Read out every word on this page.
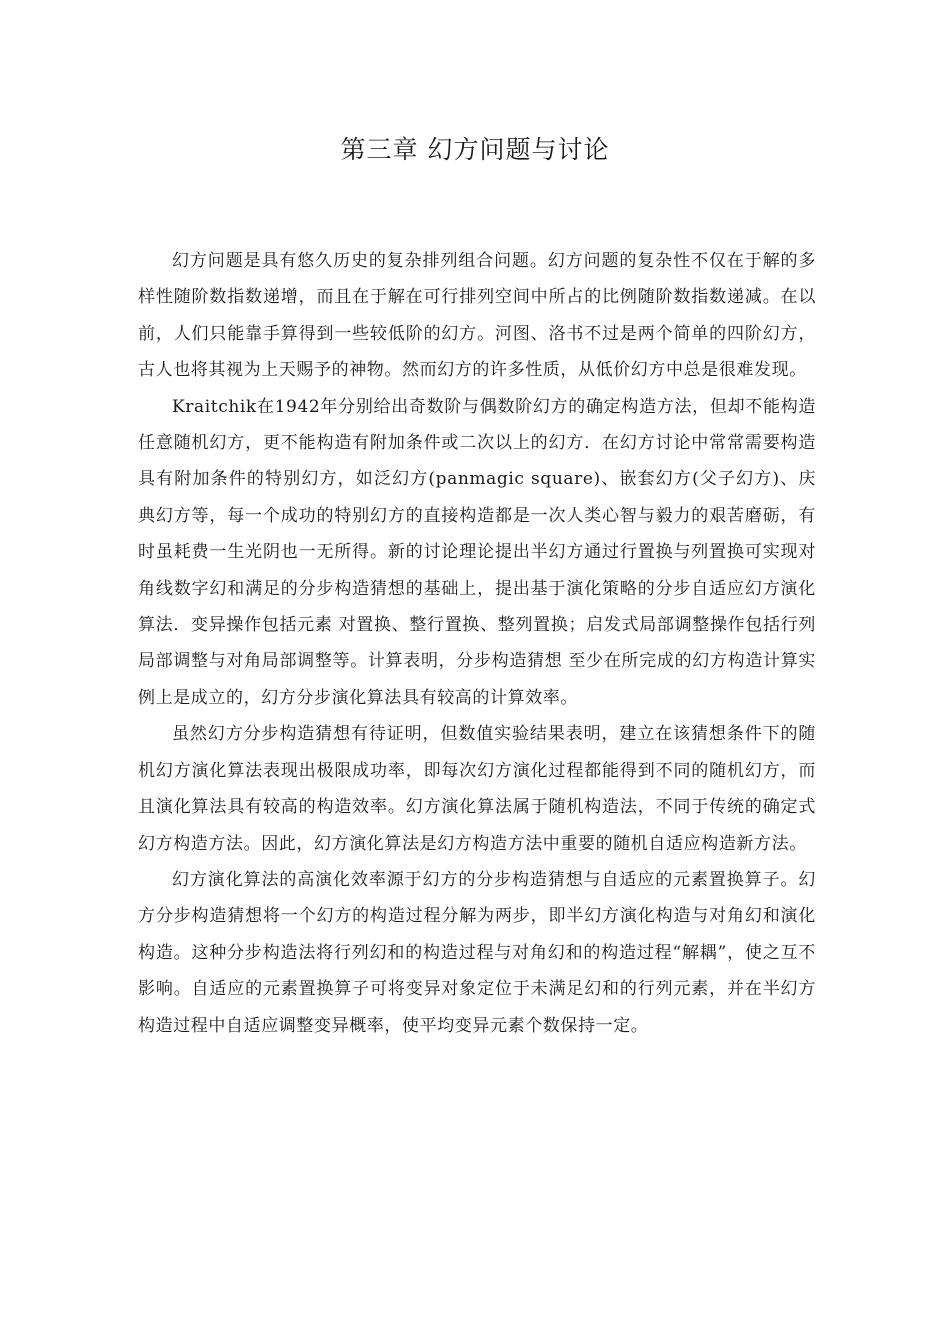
第三章 幻方问题与讨论

幻方问题是具有悠久历史的复杂排列组合问题。幻方问题的复杂性不仅在于解的多样性随阶数指数递增，而且在于解在可行排列空间中所占的比例随阶数指数递减。在以前，人们只能靠手算得到一些较低阶的幻方。河图、洛书不过是两个简单的四阶幻方，古人也将其视为上天赐予的神物。然而幻方的许多性质，从低价幻方中总是很难发现。

Kraitchik在1942年分别给出奇数阶与偶数阶幻方的确定构造方法，但却不能构造任意随机幻方，更不能构造有附加条件或二次以上的幻方．在幻方讨论中常常需要构造具有附加条件的特别幻方，如泛幻方(panmagic square)、嵌套幻方(父子幻方)、庆典幻方等，每一个成功的特别幻方的直接构造都是一次人类心智与毅力的艰苦磨砺，有时虽耗费一生光阴也一无所得。新的讨论理论提出半幻方通过行置换与列置换可实现对角线数字幻和满足的分步构造猜想的基础上，提出基于演化策略的分步自适应幻方演化算法．变异操作包括元素 对置换、整行置换、整列置换；启发式局部调整操作包括行列局部调整与对角局部调整等。计算表明，分步构造猜想 至少在所完成的幻方构造计算实例上是成立的，幻方分步演化算法具有较高的计算效率。

虽然幻方分步构造猜想有待证明，但数值实验结果表明，建立在该猜想条件下的随机幻方演化算法表现出极限成功率，即每次幻方演化过程都能得到不同的随机幻方，而且演化算法具有较高的构造效率。幻方演化算法属于随机构造法，不同于传统的确定式幻方构造方法。因此，幻方演化算法是幻方构造方法中重要的随机自适应构造新方法。

幻方演化算法的高演化效率源于幻方的分步构造猜想与自适应的元素置换算子。幻方分步构造猜想将一个幻方的构造过程分解为两步，即半幻方演化构造与对角幻和演化构造。这种分步构造法将行列幻和的构造过程与对角幻和的构造过程“解耦”，使之互不影响。自适应的元素置换算子可将变异对象定位于未满足幻和的行列元素，并在半幻方构造过程中自适应调整变异概率，使平均变异元素个数保持一定。
